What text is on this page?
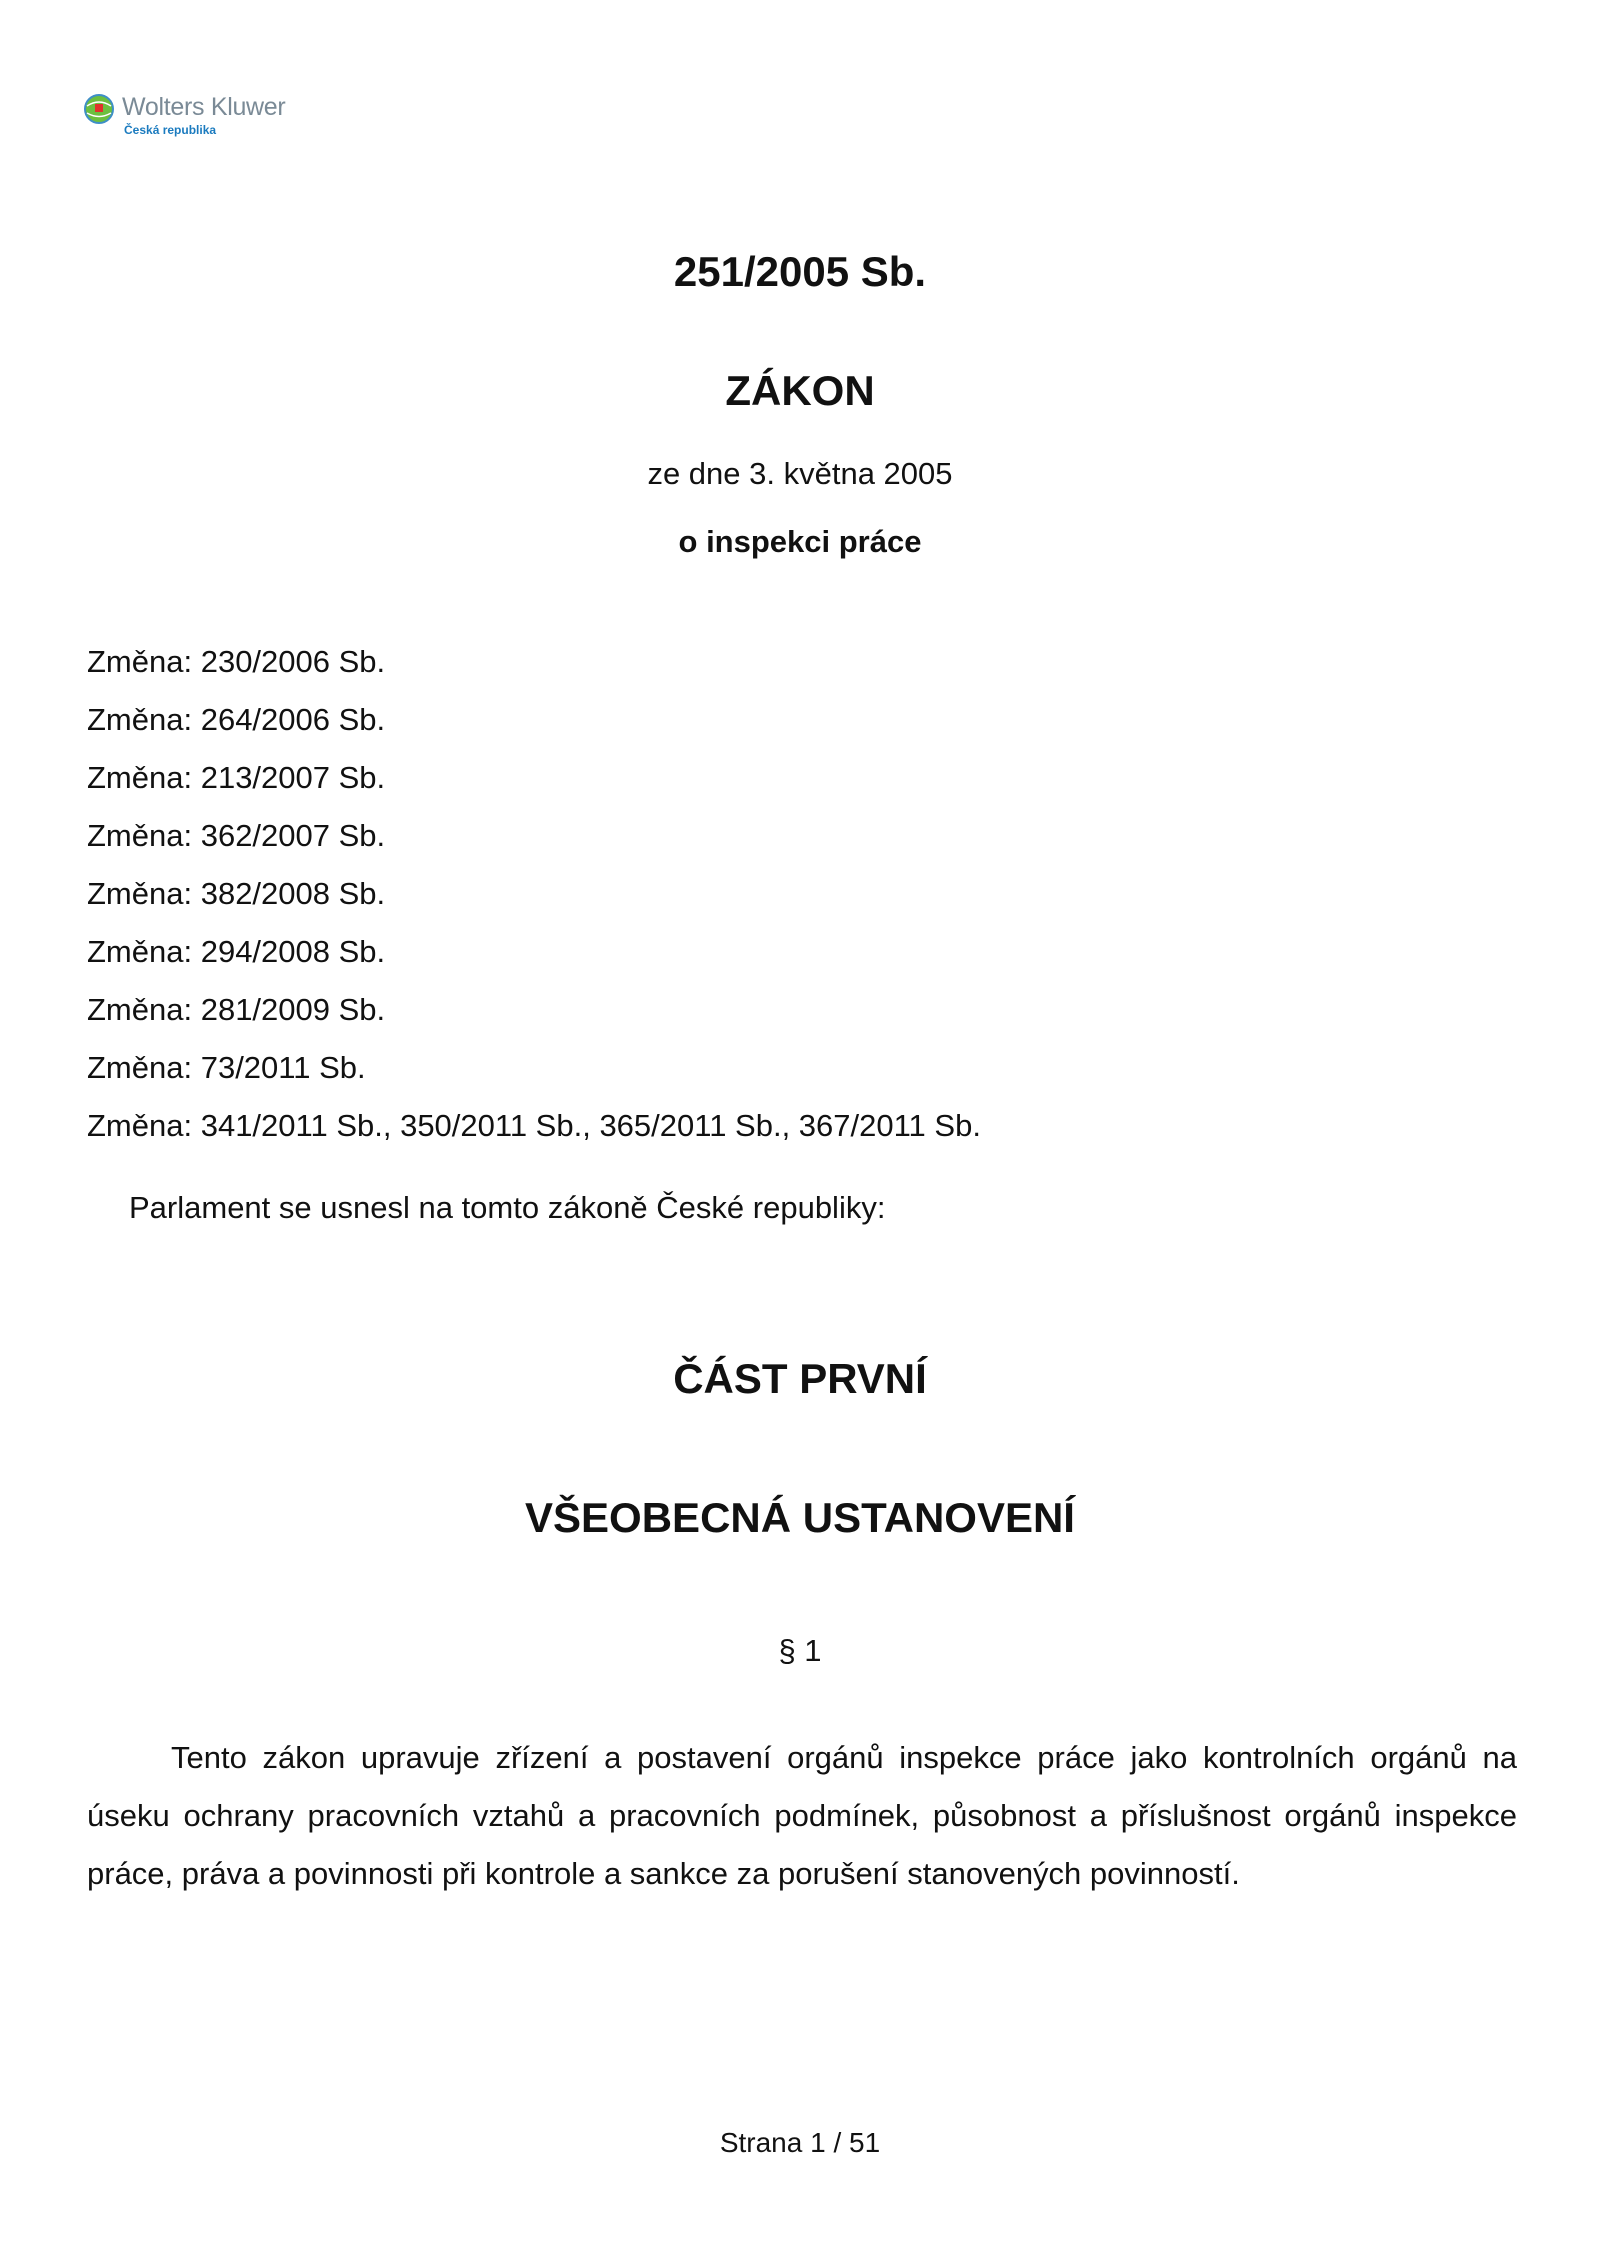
Wolters Kluwer
Česká republika
251/2005 Sb.
ZÁKON
ze dne 3. května 2005
o inspekci práce
Změna: 230/2006 Sb.
Změna: 264/2006 Sb.
Změna: 213/2007 Sb.
Změna: 362/2007 Sb.
Změna: 382/2008 Sb.
Změna: 294/2008 Sb.
Změna: 281/2009 Sb.
Změna: 73/2011 Sb.
Změna: 341/2011 Sb., 350/2011 Sb., 365/2011 Sb., 367/2011 Sb.
Parlament se usnesl na tomto zákoně České republiky:
ČÁST PRVNÍ
VŠEOBECNÁ USTANOVENÍ
§ 1

Tento zákon upravuje zřízení a postavení orgánů inspekce práce jako kontrolních orgánů na úseku ochrany pracovních vztahů a pracovních podmínek, působnost a příslušnost orgánů inspekce práce, práva a povinnosti při kontrole a sankce za porušení stanovených povinností.

Strana 1 / 51
